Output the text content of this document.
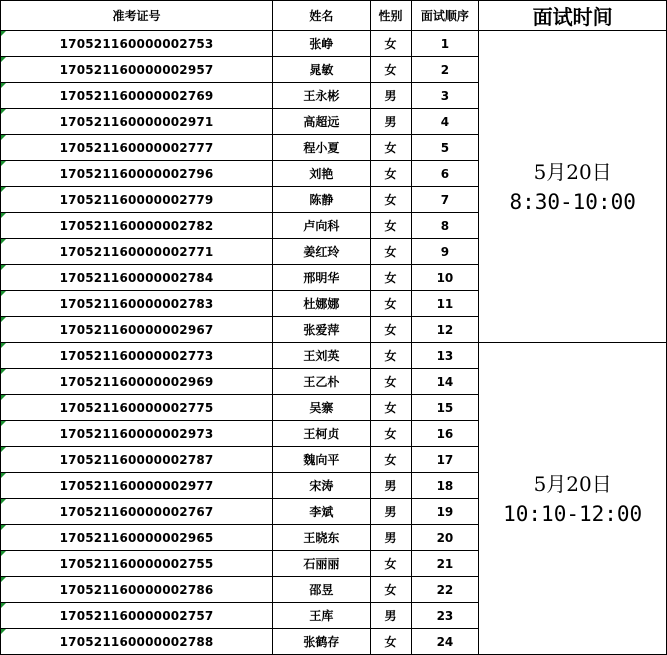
准考证号	姓名	性别	面试顺序	面试时间
170521160000002753	张峥	女	1	5月20日
8:30-10:00

170521160000002957	晁敏	女	2	
170521160000002769	王永彬	男	3	
170521160000002971	高超远	男	4	
170521160000002777	程小夏	女	5	
170521160000002796	刘艳	女	6	
170521160000002779	陈静	女	7	
170521160000002782	卢向科	女	8	
170521160000002771	姜红玲	女	9	
170521160000002784	邢明华	女	10	
170521160000002783	杜娜娜	女	11	
170521160000002967	张爱萍	女	12	
170521160000002773	王刘英	女	13	5月20日
10:10-12:00

170521160000002969	王乙朴	女	14	
170521160000002775	吴寨	女	15	
170521160000002973	王柯贞	女	16	
170521160000002787	魏向平	女	17	
170521160000002977	宋涛	男	18	
170521160000002767	李斌	男	19	
170521160000002965	王晓东	男	20	
170521160000002755	石丽丽	女	21	
170521160000002786	邵昱	女	22	
170521160000002757	王库	男	23	
170521160000002788	张鹤存	女	24	
